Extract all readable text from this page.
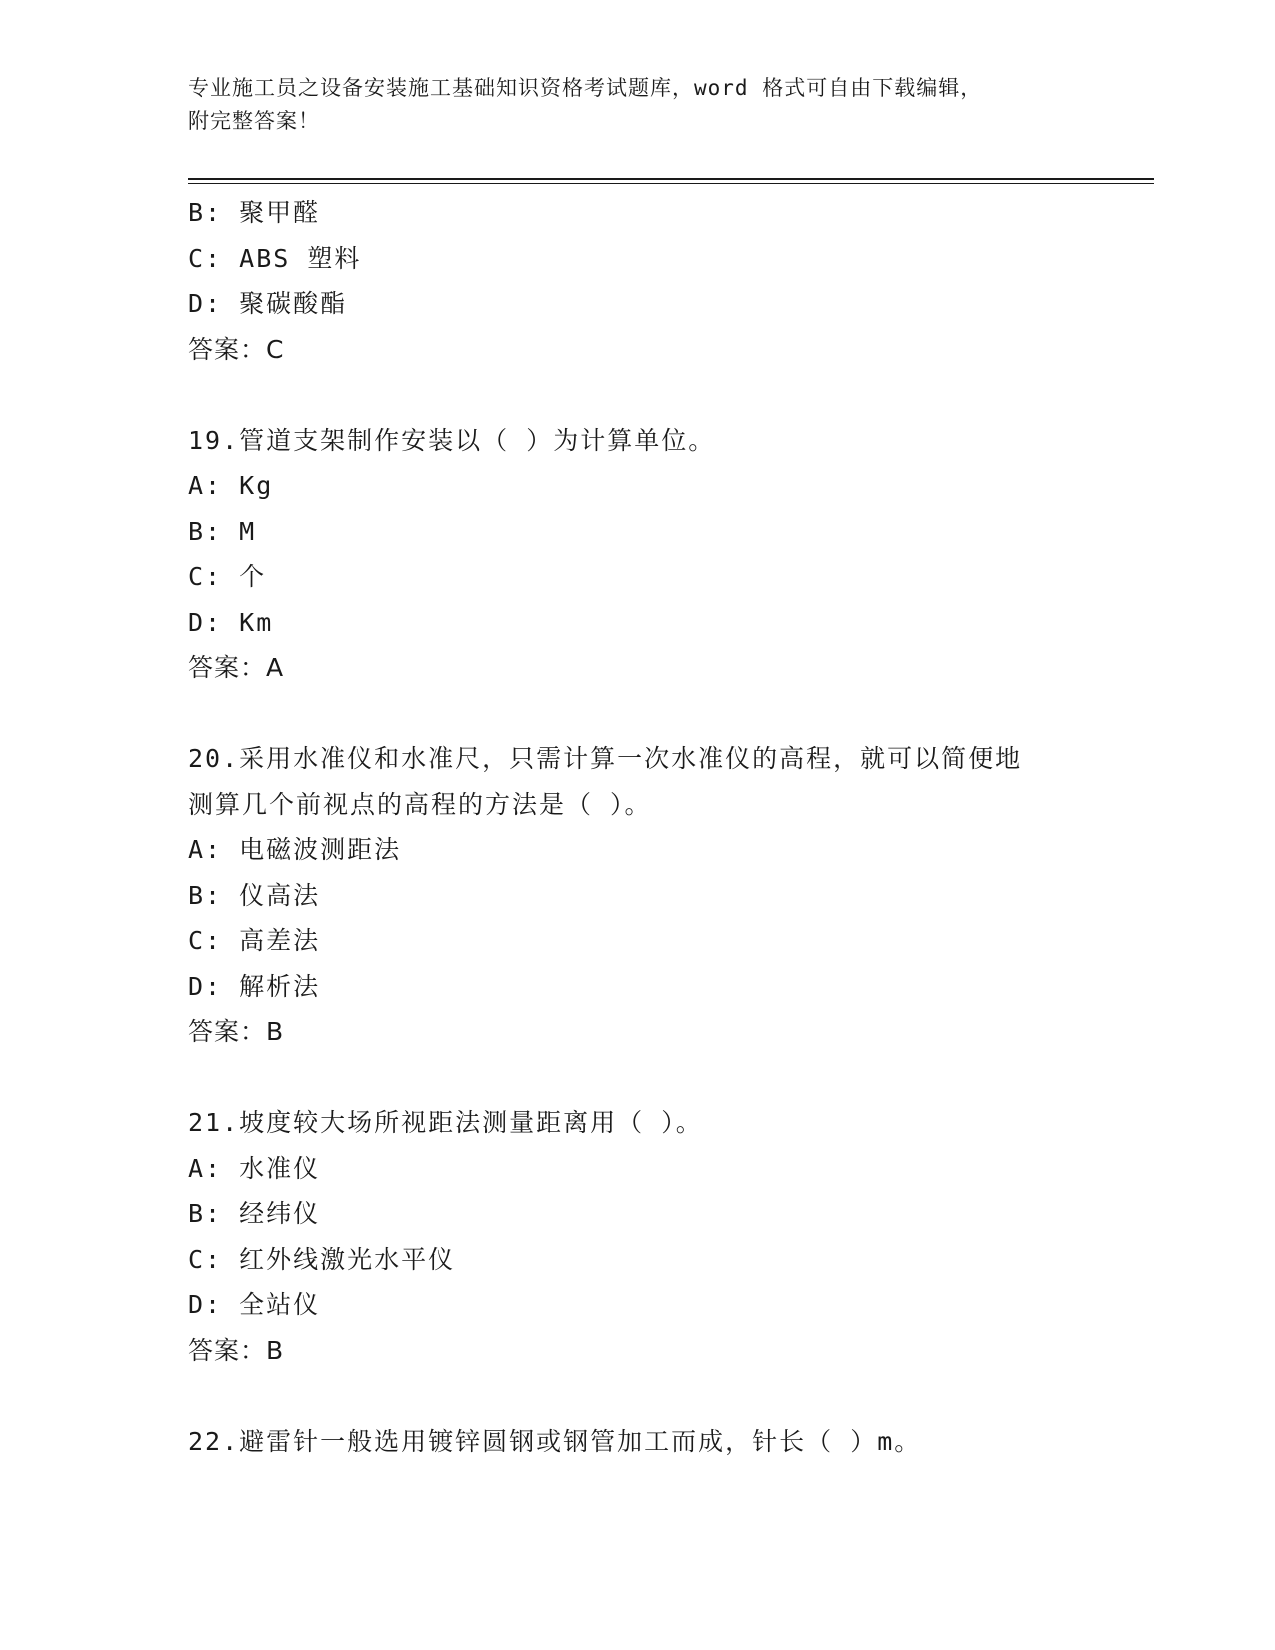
专业施工员之设备安装施工基础知识资格考试题库，word 格式可自由下载编辑，
附完整答案！
B: 聚甲醛
C: ABS 塑料
D: 聚碳酸酯
答案：C
19.管道支架制作安装以（ ）为计算单位。
A: Kg
B: M
C: 个
D: Km
答案：A
20.采用水准仪和水准尺，只需计算一次水准仪的高程，就可以简便地
测算几个前视点的高程的方法是（ ）。
A: 电磁波测距法
B: 仪高法
C: 高差法
D: 解析法
答案：B
21.坡度较大场所视距法测量距离用（ ）。
A: 水准仪
B: 经纬仪
C: 红外线激光水平仪
D: 全站仪
答案：B
22.避雷针一般选用镀锌圆钢或钢管加工而成，针长（ ）m。
